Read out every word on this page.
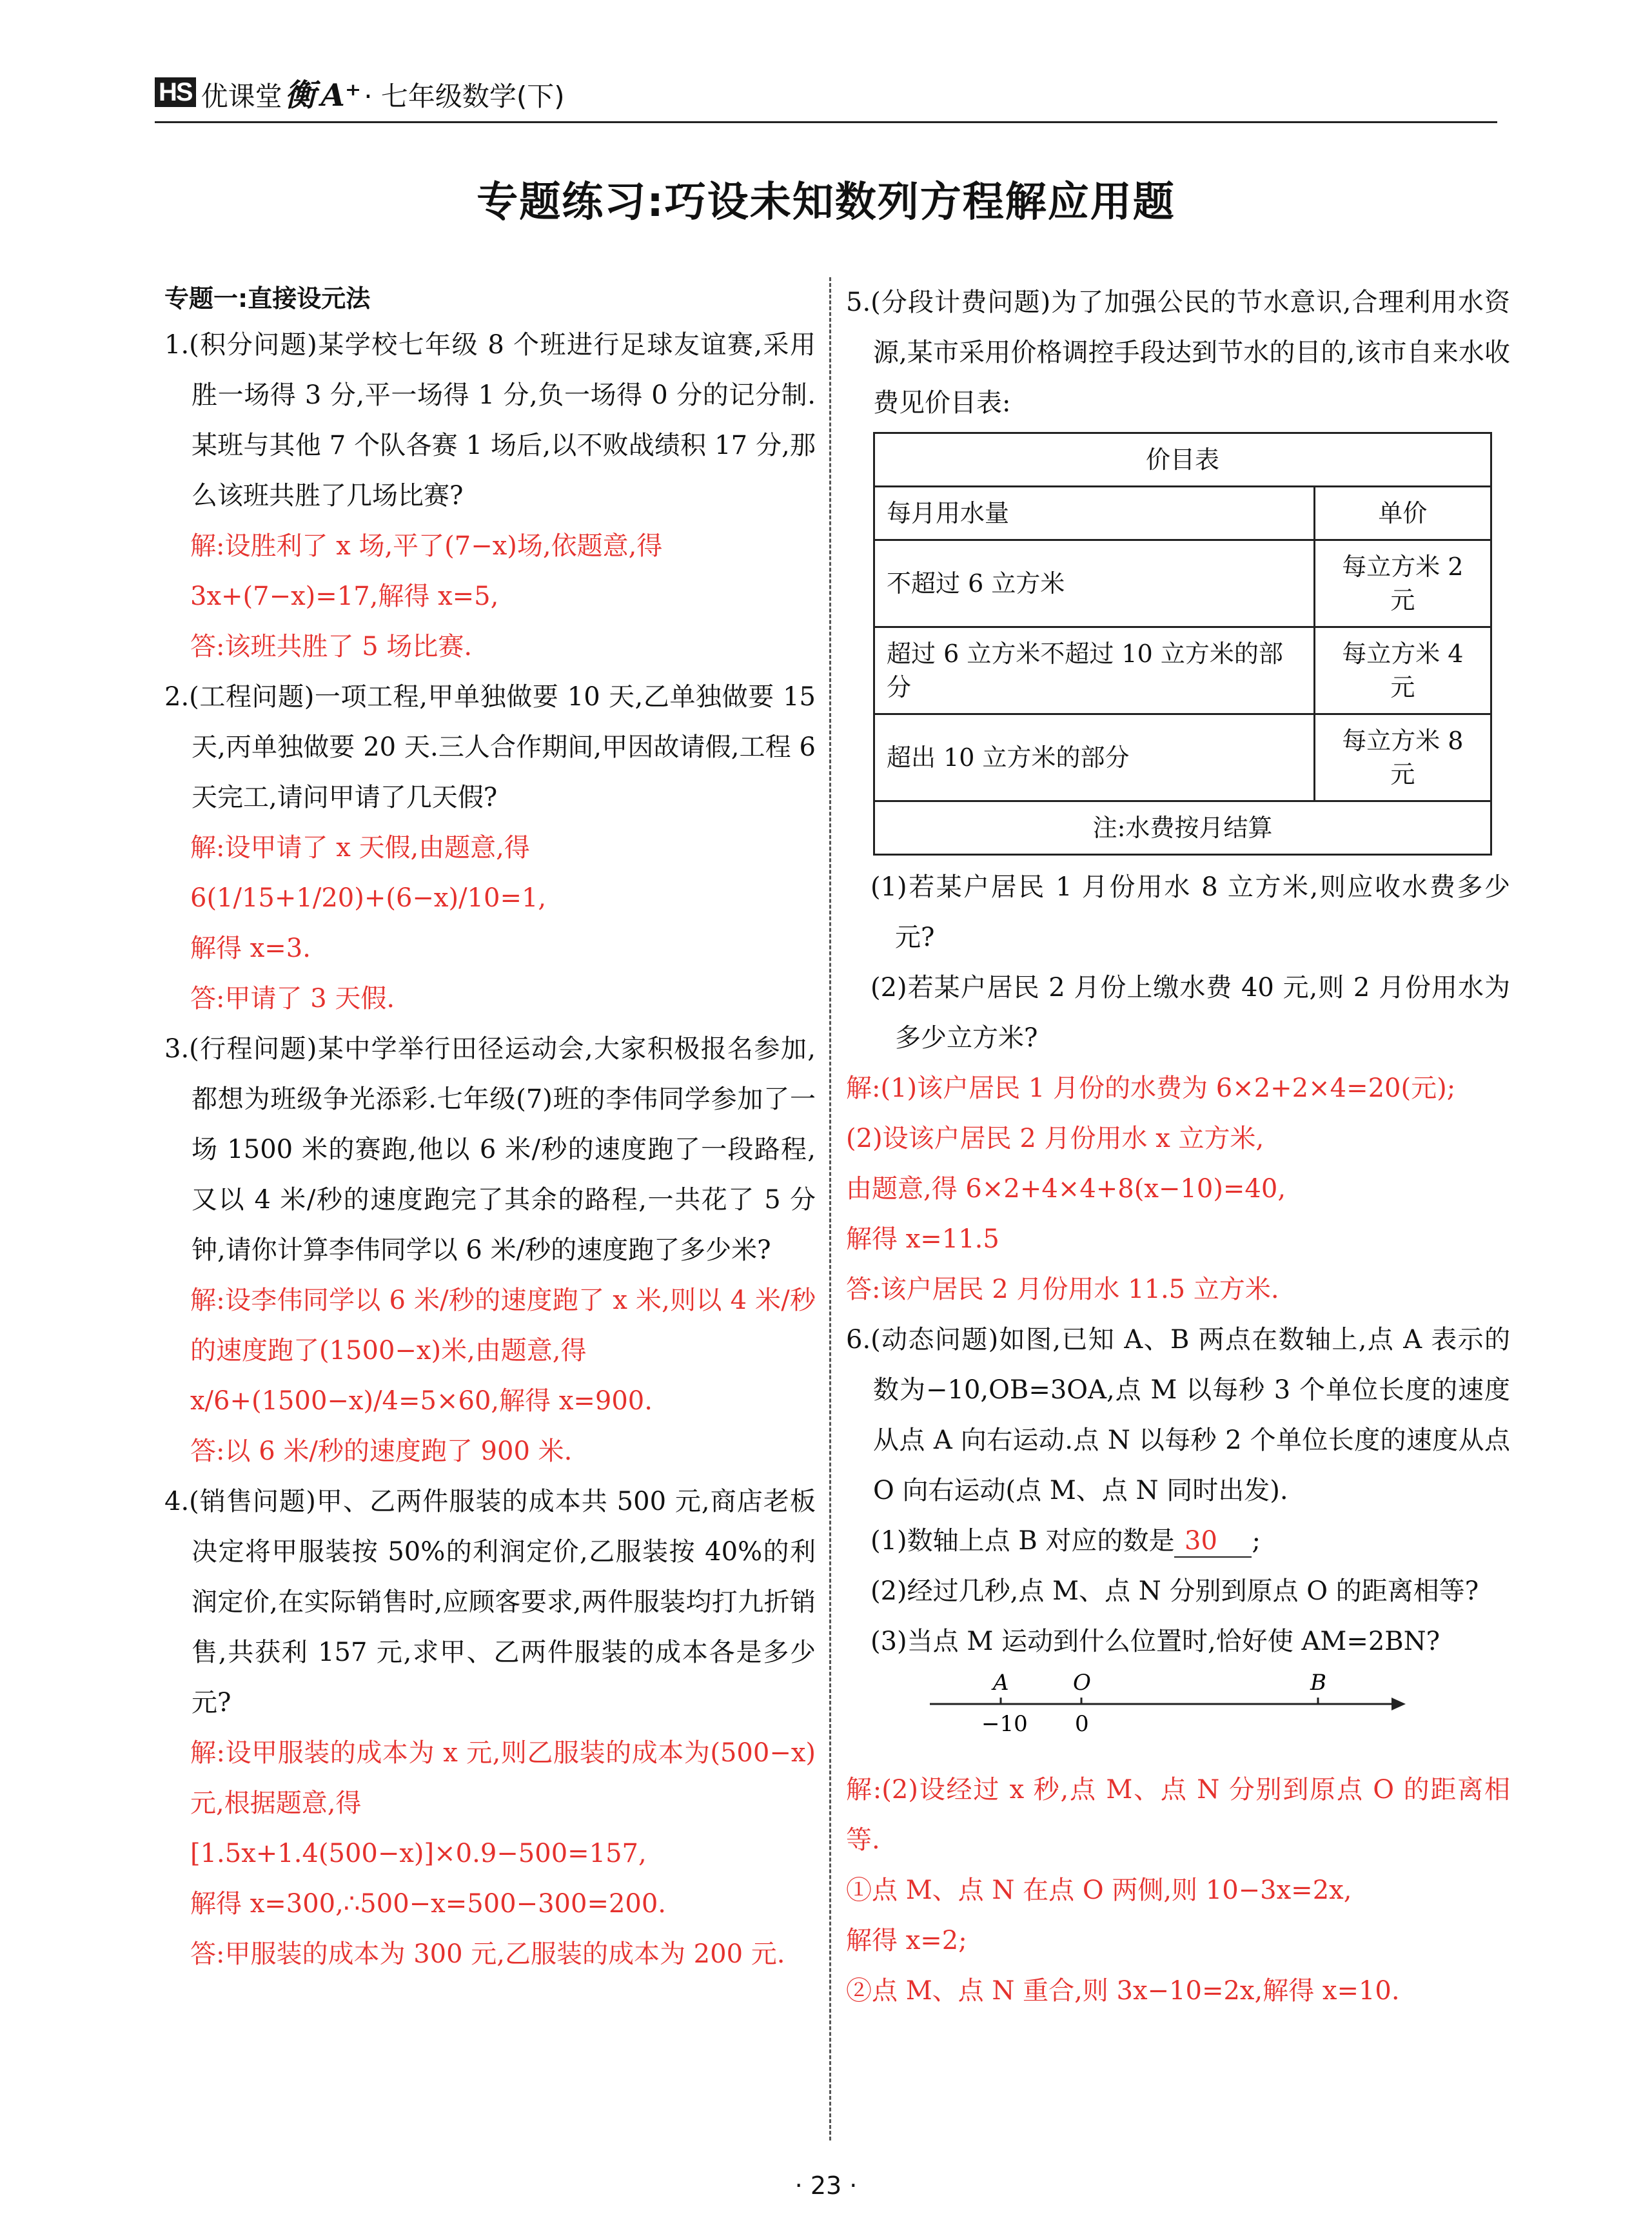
HS 优课堂衡 A⁺· 七年级数学(下)
专题练习:巧设未知数列方程解应用题
专题一:直接设元法

1.(积分问题)某学校七年级 8 个班进行足球友谊赛,采用胜一场得 3 分,平一场得 1 分,负一场得 0 分的记分制.某班与其他 7 个队各赛 1 场后,以不败战绩积 17 分,那么该班共胜了几场比赛?

解:设胜利了 x 场,平了(7−x)场,依题意,得

3x+(7−x)=17,解得 x=5,

答:该班共胜了 5 场比赛.

2.(工程问题)一项工程,甲单独做要 10 天,乙单独做要 15 天,丙单独做要 20 天.三人合作期间,甲因故请假,工程 6 天完工,请问甲请了几天假?

解:设甲请了 x 天假,由题意,得

6(1/15+1/20)+(6−x)/10=1,

解得 x=3.

答:甲请了 3 天假.

3.(行程问题)某中学举行田径运动会,大家积极报名参加,都想为班级争光添彩.七年级(7)班的李伟同学参加了一场 1500 米的赛跑,他以 6 米/秒的速度跑了一段路程,又以 4 米/秒的速度跑完了其余的路程,一共花了 5 分钟,请你计算李伟同学以 6 米/秒的速度跑了多少米?

解:设李伟同学以 6 米/秒的速度跑了 x 米,则以 4 米/秒的速度跑了(1500−x)米,由题意,得

x/6+(1500−x)/4=5×60,解得 x=900.

答:以 6 米/秒的速度跑了 900 米.

4.(销售问题)甲、乙两件服装的成本共 500 元,商店老板决定将甲服装按 50%的利润定价,乙服装按 40%的利润定价,在实际销售时,应顾客要求,两件服装均打九折销售,共获利 157 元,求甲、乙两件服装的成本各是多少元?

解:设甲服装的成本为 x 元,则乙服装的成本为(500−x)元,根据题意,得

[1.5x+1.4(500−x)]×0.9−500=157,

解得 x=300,∴500−x=500−300=200.

答:甲服装的成本为 300 元,乙服装的成本为 200 元.

5.(分段计费问题)为了加强公民的节水意识,合理利用水资源,某市采用价格调控手段达到节水的目的,该市自来水收费见价目表:

价目表	
每月用水量	单价
不超过 6 立方米	每立方米 2 元
超过 6 立方米不超过 10 立方米的部分	每立方米 4 元
超出 10 立方米的部分	每立方米 8 元
注:水费按月结算	

(1)若某户居民 1 月份用水 8 立方米,则应收水费多少元?

(2)若某户居民 2 月份上缴水费 40 元,则 2 月份用水为多少立方米?

解:(1)该户居民 1 月份的水费为 6×2+2×4=20(元);

(2)设该户居民 2 月份用水 x 立方米,

由题意,得 6×2+4×4+8(x−10)=40,

解得 x=11.5

答:该户居民 2 月份用水 11.5 立方米.

6.(动态问题)如图,已知 A、B 两点在数轴上,点 A 表示的数为−10,OB=3OA,点 M 以每秒 3 个单位长度的速度从点 A 向右运动.点 N 以每秒 2 个单位长度的速度从点 O 向右运动(点 M、点 N 同时出发).

(1)数轴上点 B 对应的数是 30 ;

(2)经过几秒,点 M、点 N 分别到原点 O 的距离相等?

(3)当点 M 运动到什么位置时,恰好使 AM=2BN?

A	O	B
−10 0

解:(2)设经过 x 秒,点 M、点 N 分别到原点 O 的距离相等.

①点 M、点 N 在点 O 两侧,则 10−3x=2x,

解得 x=2;

②点 M、点 N 重合,则 3x−10=2x,解得 x=10.

· 23 ·
